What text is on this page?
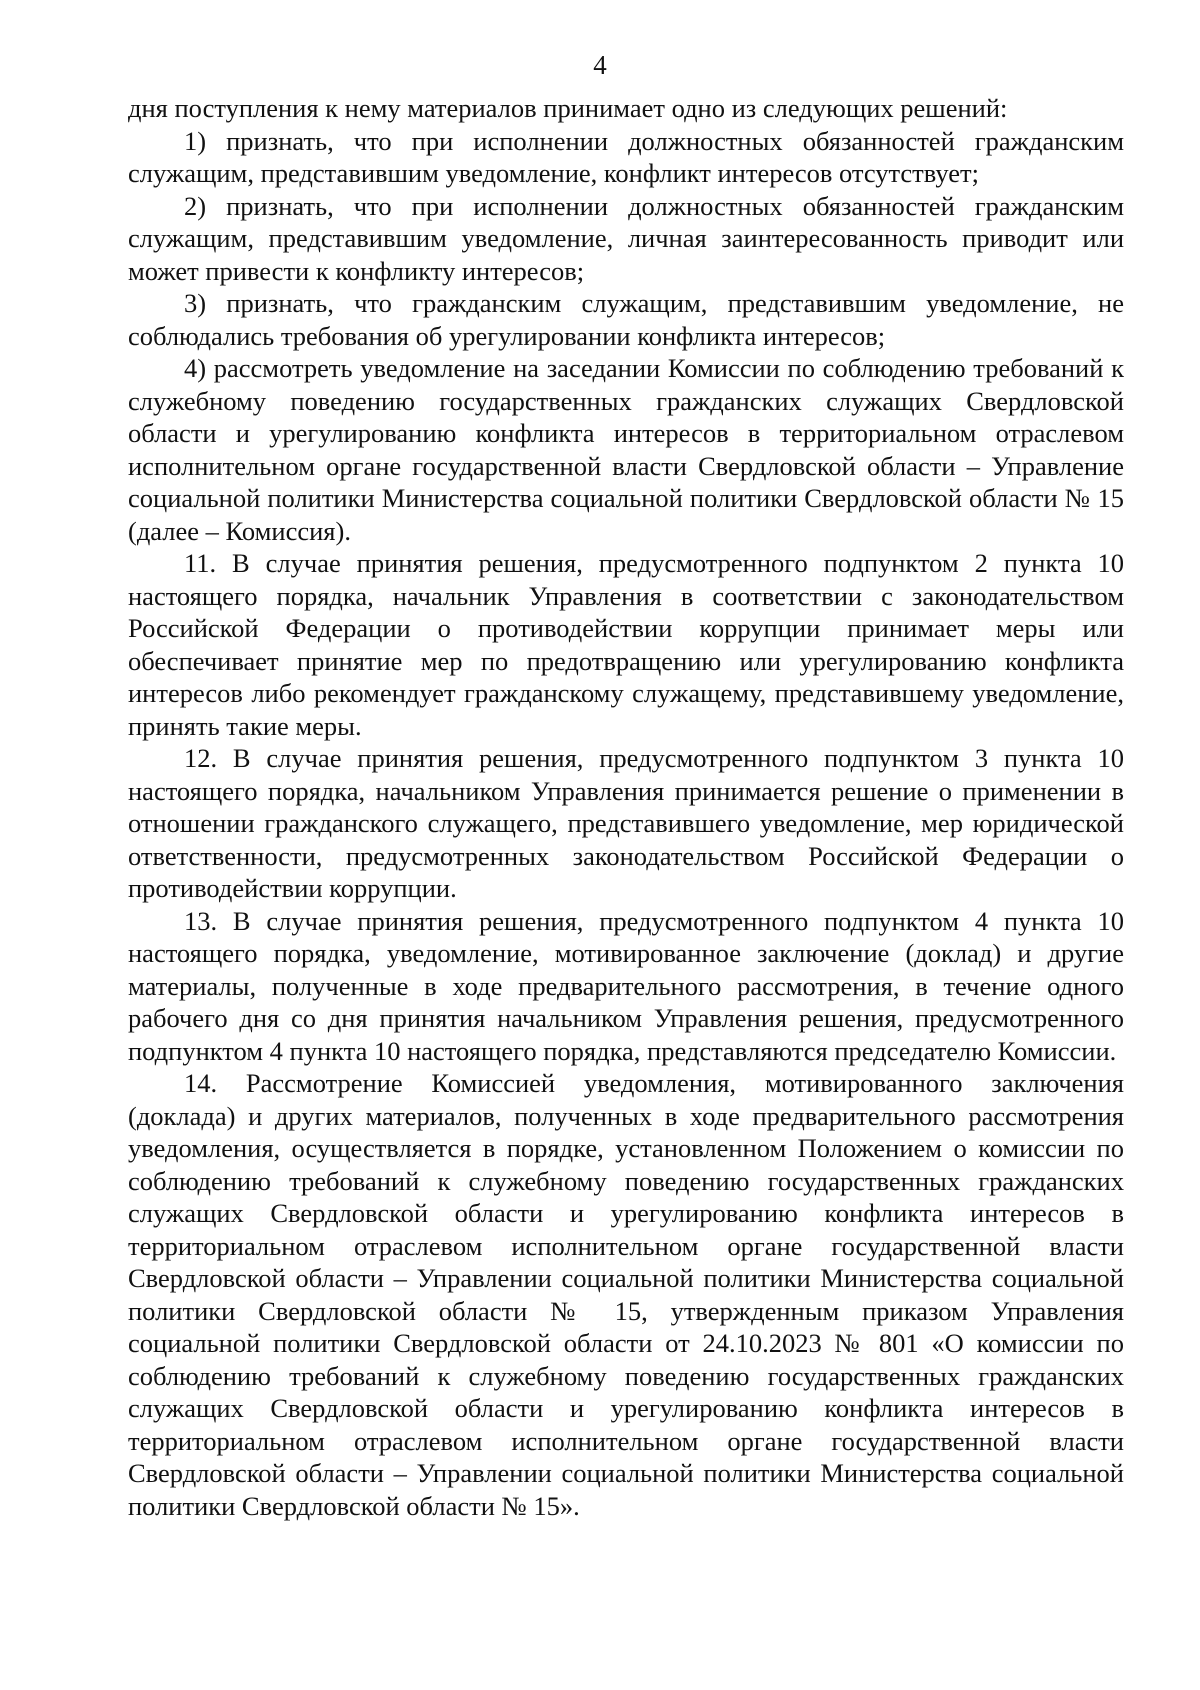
4

дня поступления к нему материалов принимает одно из следующих решений:

1) признать, что при исполнении должностных обязанностей гражданским служащим, представившим уведомление, конфликт интересов отсутствует;

2) признать, что при исполнении должностных обязанностей гражданским служащим, представившим уведомление, личная заинтересованность приводит или может привести к конфликту интересов;

3) признать, что гражданским служащим, представившим уведомление, не соблюдались требования об урегулировании конфликта интересов;

4) рассмотреть уведомление на заседании Комиссии по соблюдению требований к служебному поведению государственных гражданских служащих Свердловской области и урегулированию конфликта интересов в территориальном отраслевом исполнительном органе государственной власти Свердловской области – Управление социальной политики Министерства социальной политики Свердловской области № 15 (далее – Комиссия).

11. В случае принятия решения, предусмотренного подпунктом 2 пункта 10 настоящего порядка, начальник Управления в соответствии с законодательством Российской Федерации о противодействии коррупции принимает меры или обеспечивает принятие мер по предотвращению или урегулированию конфликта интересов либо рекомендует гражданскому служащему, представившему уведомление, принять такие меры.

12. В случае принятия решения, предусмотренного подпунктом 3 пункта 10 настоящего порядка, начальником Управления принимается решение о применении в отношении гражданского служащего, представившего уведомление, мер юридической ответственности, предусмотренных законодательством Российской Федерации о противодействии коррупции.

13. В случае принятия решения, предусмотренного подпунктом 4 пункта 10 настоящего порядка, уведомление, мотивированное заключение (доклад) и другие материалы, полученные в ходе предварительного рассмотрения, в течение одного рабочего дня со дня принятия начальником Управления решения, предусмотренного подпунктом 4 пункта 10 настоящего порядка, представляются председателю Комиссии.

14. Рассмотрение Комиссией уведомления, мотивированного заключения (доклада) и других материалов, полученных в ходе предварительного рассмотрения уведомления, осуществляется в порядке, установленном Положением о комиссии по соблюдению требований к служебному поведению государственных гражданских служащих Свердловской области и урегулированию конфликта интересов в территориальном отраслевом исполнительном органе государственной власти Свердловской области – Управлении социальной политики Министерства социальной политики Свердловской области № 15, утвержденным приказом Управления социальной политики Свердловской области от 24.10.2023 № 801 «О комиссии по соблюдению требований к служебному поведению государственных гражданских служащих Свердловской области и урегулированию конфликта интересов в территориальном отраслевом исполнительном органе государственной власти Свердловской области – Управлении социальной политики Министерства социальной политики Свердловской области № 15».
